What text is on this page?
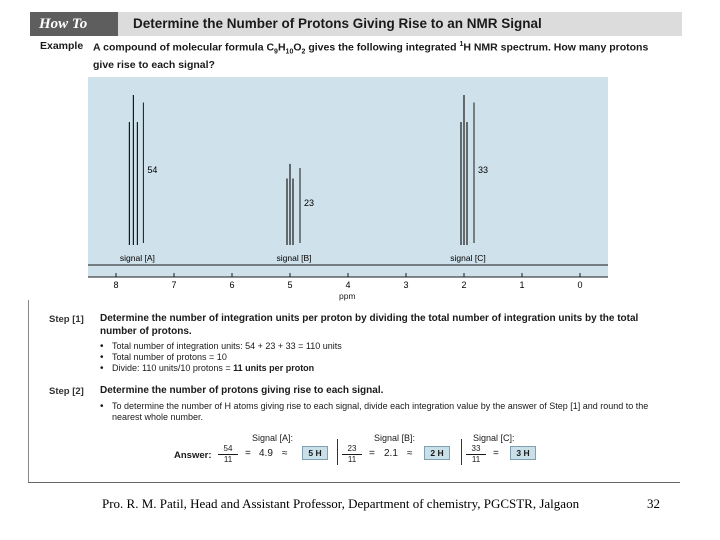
How To	Determine the Number of Protons Giving Rise to an NMR Signal
Example A compound of molecular formula $C_9H_{10}O_2$ gives the following integrated $^1$H NMR spectrum. How many protons give rise to each signal?
8	7	6	5	4	3	2	1	0
54
signal [A]
23
signal [B]
33
signal [C]
ppm
Step [1] Determine the number of integration units per proton by dividing the total number of integration units by the total number of protons.
• Total number of integration units: 54 + 23 + 33 = 110 units
• Total number of protons = 10
• Divide: 110 units/10 protons = 11 units per proton
Step [2] Determine the number of protons giving rise to each signal.
• To determine the number of H atoms giving rise to each signal, divide each integration value by the answer of Step [1] and round to the nearest whole number.
Signal [A]:	Signal [B]:	Signal [C]:
Answer: $\frac{54}{11} = 4.9$ ≈	5 H	$\frac{23}{11} = 2.1$ ≈	2 H	$\frac{33}{11}$ =	3 H
Pro. R. M. Patil, Head and Assistant Professor, Department of chemistry, PGCSTR, Jalgaon	32
